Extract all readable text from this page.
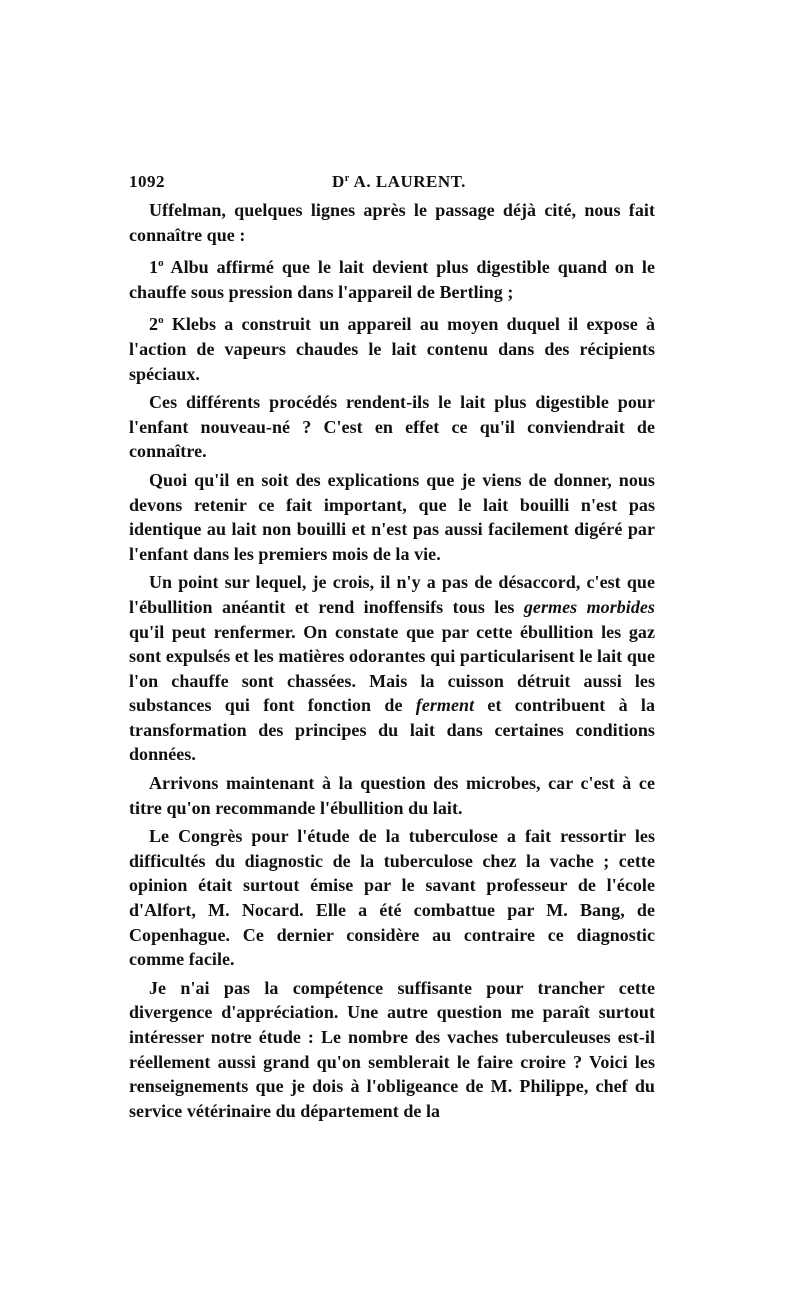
1092	$D^r$ A. LAURENT.

Uffelman, quelques lignes après le passage déjà cité, nous fait connaître que :

1$^o$ Albu affirmé que le lait devient plus digestible quand on le chauffe sous pression dans l'appareil de Bertling ;

2$^o$ Klebs a construit un appareil au moyen duquel il expose à l'action de vapeurs chaudes le lait contenu dans des récipients spéciaux.

Ces différents procédés rendent-ils le lait plus digestible pour l'enfant nouveau-né ? C'est en effet ce qu'il conviendrait de connaître.

Quoi qu'il en soit des explications que je viens de donner, nous devons retenir ce fait important, que le lait bouilli n'est pas identique au lait non bouilli et n'est pas aussi facilement digéré par l'enfant dans les premiers mois de la vie.

Un point sur lequel, je crois, il n'y a pas de désaccord, c'est que l'ébullition anéantit et rend inoffensifs tous les germes morbides qu'il peut renfermer. On constate que par cette ébullition les gaz sont expulsés et les matières odorantes qui particularisent le lait que l'on chauffe sont chassées. Mais la cuisson détruit aussi les substances qui font fonction de ferment et contribuent à la transformation des principes du lait dans certaines conditions données.

Arrivons maintenant à la question des microbes, car c'est à ce titre qu'on recommande l'ébullition du lait.

Le Congrès pour l'étude de la tuberculose a fait ressortir les difficultés du diagnostic de la tuberculose chez la vache ; cette opinion était surtout émise par le savant professeur de l'école d'Alfort, M. Nocard. Elle a été combattue par M. Bang, de Copenhague. Ce dernier considère au contraire ce diagnostic comme facile.

Je n'ai pas la compétence suffisante pour trancher cette divergence d'appréciation. Une autre question me paraît surtout intéresser notre étude : Le nombre des vaches tuberculeuses est-il réellement aussi grand qu'on semblerait le faire croire ? Voici les renseignements que je dois à l'obligeance de M. Philippe, chef du service vétérinaire du département de la
